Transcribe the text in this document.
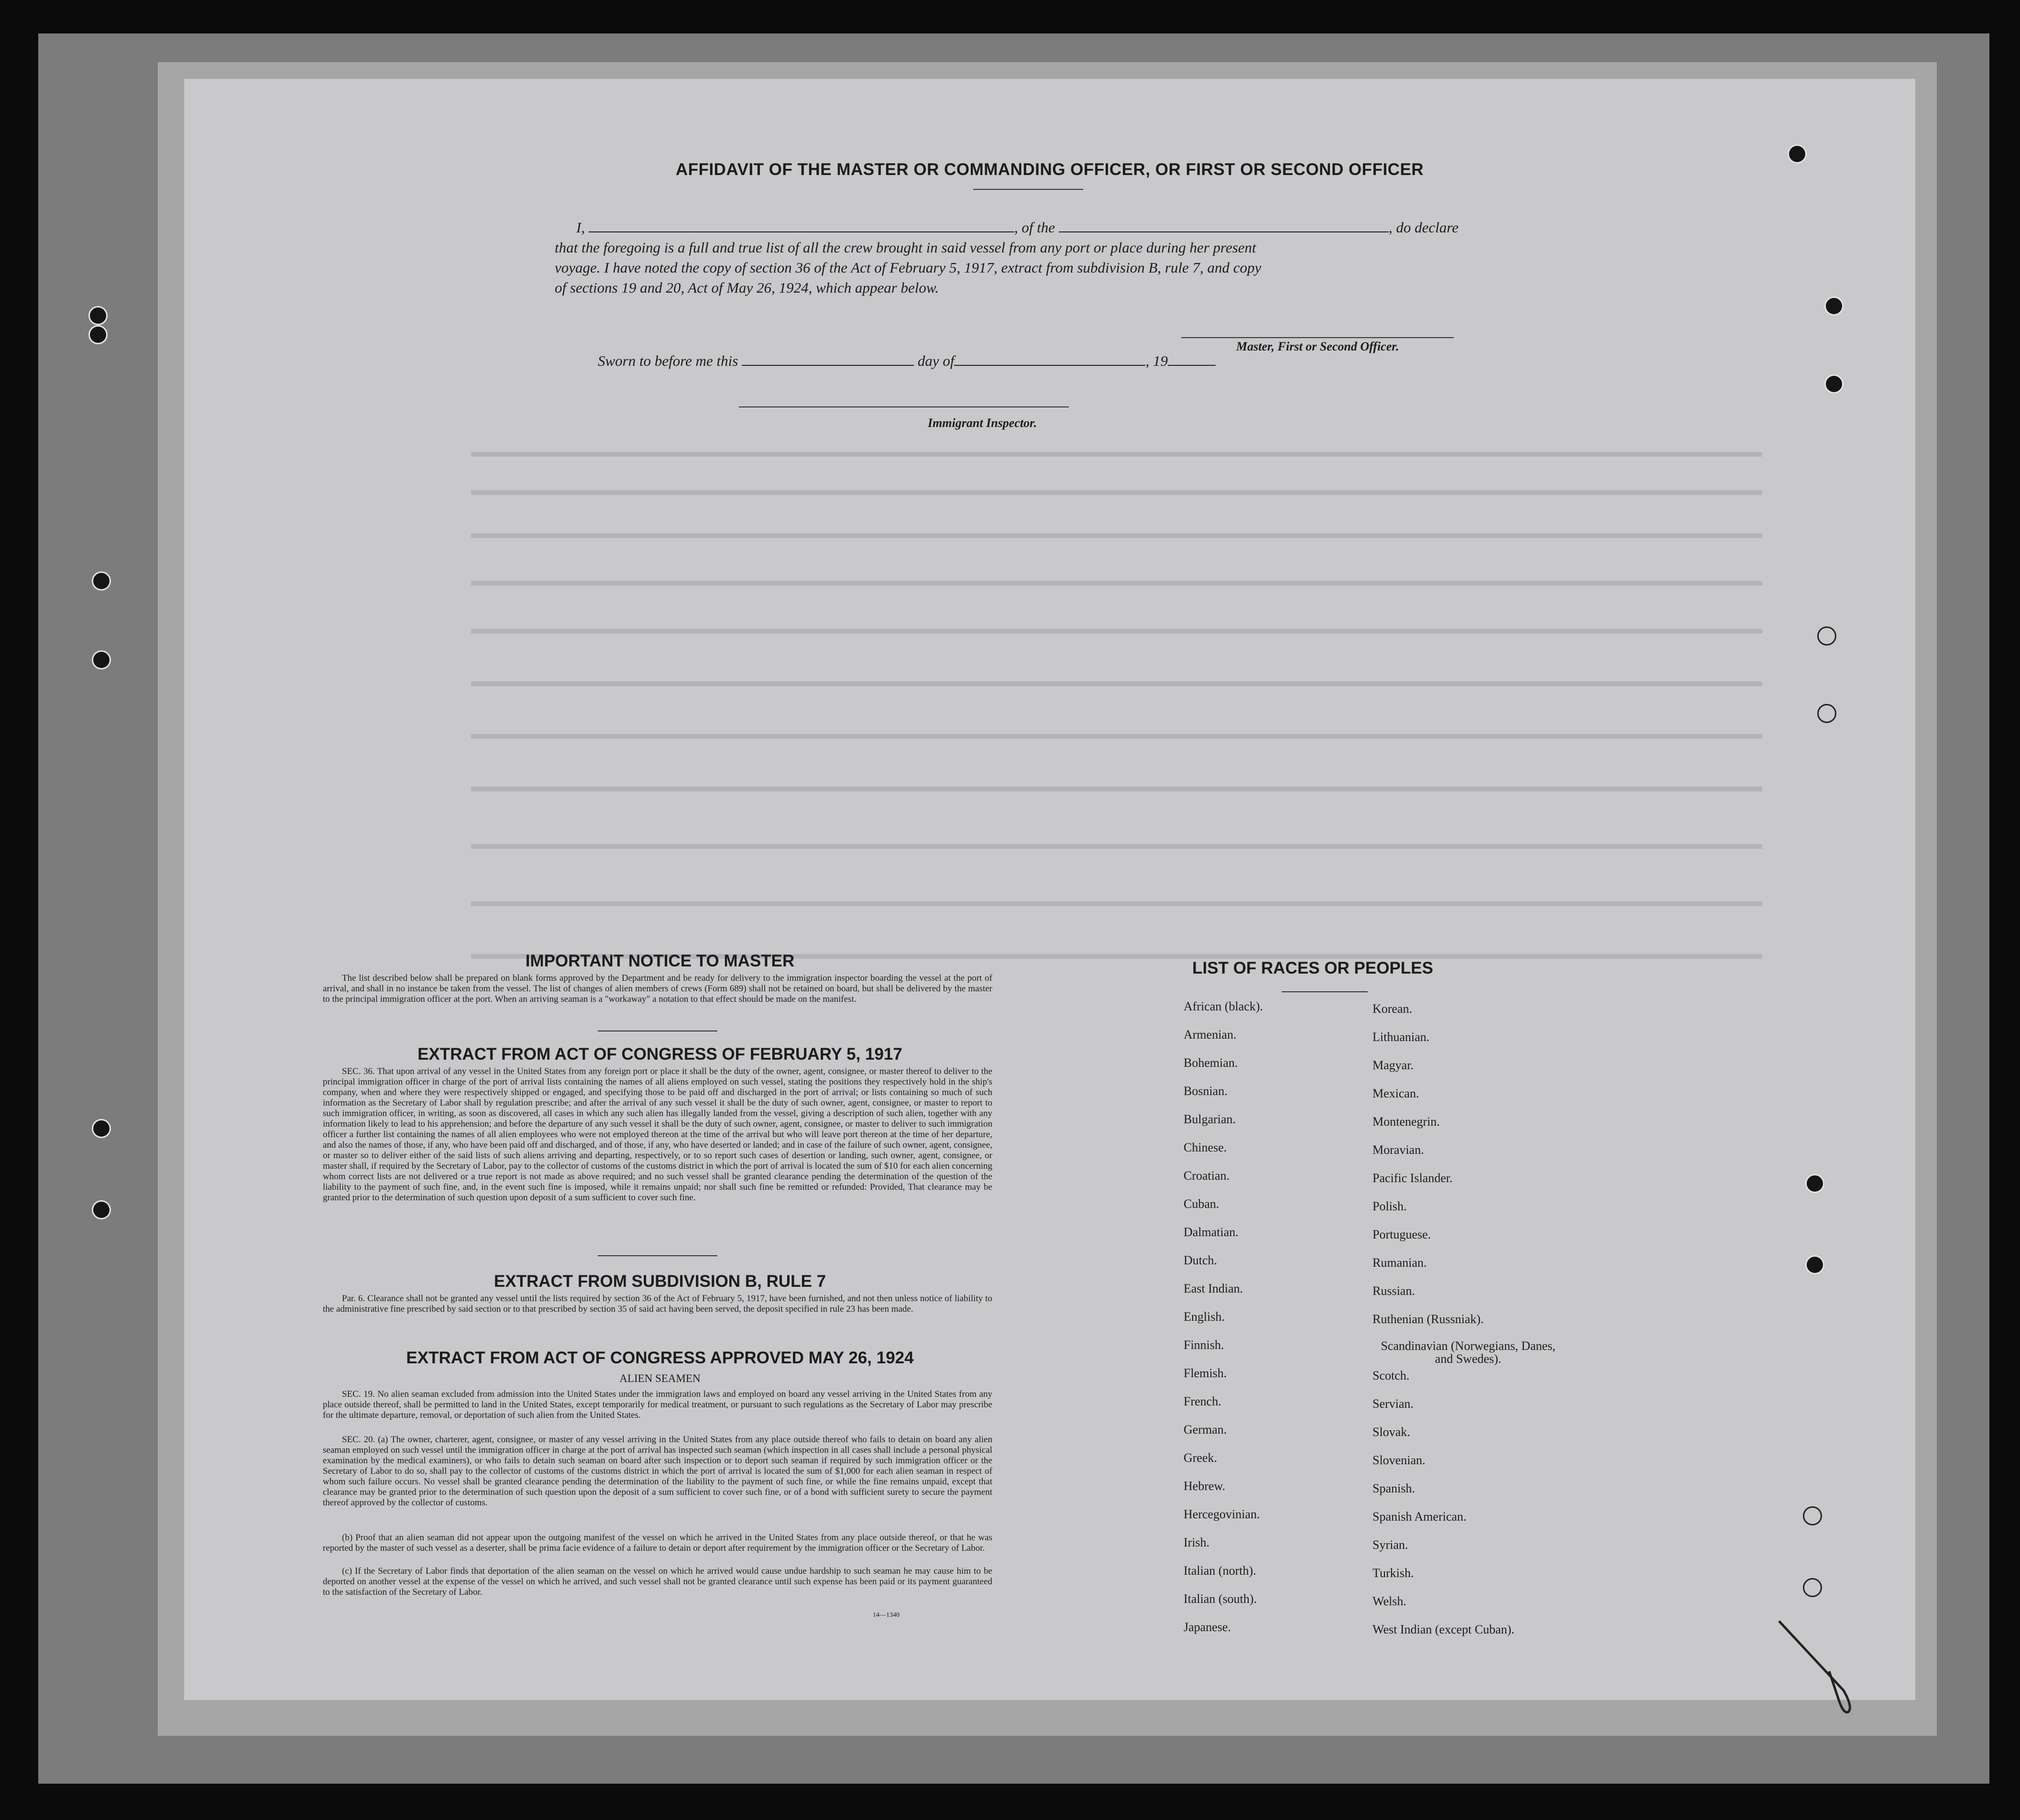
AFFIDAVIT OF THE MASTER OR COMMANDING OFFICER, OR FIRST OR SECOND OFFICER
I,	, of the	, do declare
that the foregoing is a full and true list of all the crew brought in said vessel from any port or place during her present
voyage. I have noted the copy of section 36 of the Act of February 5, 1917, extract from subdivision B, rule 7, and copy
of sections 19 and 20, Act of May 26, 1924, which appear below.
Master, First or Second Officer.
Sworn to before me this	day of	, 19
Immigrant Inspector.
IMPORTANT NOTICE TO MASTER
The list described below shall be prepared on blank forms approved by the Department and be ready for delivery to the immigration inspector boarding the vessel at the port of arrival, and shall in no instance be taken from the vessel. The list of changes of alien members of crews (Form 689) shall not be retained on board, but shall be delivered by the master to the principal immigration officer at the port. When an arriving seaman is a "workaway" a notation to that effect should be made on the manifest.
EXTRACT FROM ACT OF CONGRESS OF FEBRUARY 5, 1917
SEC. 36. That upon arrival of any vessel in the United States from any foreign port or place it shall be the duty of the owner, agent, consignee, or master thereof to deliver to the principal immigration officer in charge of the port of arrival lists containing the names of all aliens employed on such vessel, stating the positions they respectively hold in the ship's company, when and where they were respectively shipped or engaged, and specifying those to be paid off and discharged in the port of arrival; or lists containing so much of such information as the Secretary of Labor shall by regulation prescribe; and after the arrival of any such vessel it shall be the duty of such owner, agent, consignee, or master to report to such immigration officer, in writing, as soon as discovered, all cases in which any such alien has illegally landed from the vessel, giving a description of such alien, together with any information likely to lead to his apprehension; and before the departure of any such vessel it shall be the duty of such owner, agent, consignee, or master to deliver to such immigration officer a further list containing the names of all alien employees who were not employed thereon at the time of the arrival but who will leave port thereon at the time of her departure, and also the names of those, if any, who have been paid off and discharged, and of those, if any, who have deserted or landed; and in case of the failure of such owner, agent, consignee, or master so to deliver either of the said lists of such aliens arriving and departing, respectively, or to so report such cases of desertion or landing, such owner, agent, consignee, or master shall, if required by the Secretary of Labor, pay to the collector of customs of the customs district in which the port of arrival is located the sum of $10 for each alien concerning whom correct lists are not delivered or a true report is not made as above required; and no such vessel shall be granted clearance pending the determination of the question of the liability to the payment of such fine, and, in the event such fine is imposed, while it remains unpaid; nor shall such fine be remitted or refunded: Provided, That clearance may be granted prior to the determination of such question upon deposit of a sum sufficient to cover such fine.
EXTRACT FROM SUBDIVISION B, RULE 7
Par. 6. Clearance shall not be granted any vessel until the lists required by section 36 of the Act of February 5, 1917, have been furnished, and not then unless notice of liability to the administrative fine prescribed by said section or to that prescribed by section 35 of said act having been served, the deposit specified in rule 23 has been made.
EXTRACT FROM ACT OF CONGRESS APPROVED MAY 26, 1924
ALIEN SEAMEN
SEC. 19. No alien seaman excluded from admission into the United States under the immigration laws and employed on board any vessel arriving in the United States from any place outside thereof, shall be permitted to land in the United States, except temporarily for medical treatment, or pursuant to such regulations as the Secretary of Labor may prescribe for the ultimate departure, removal, or deportation of such alien from the United States.
SEC. 20. (a) The owner, charterer, agent, consignee, or master of any vessel arriving in the United States from any place outside thereof who fails to detain on board any alien seaman employed on such vessel until the immigration officer in charge at the port of arrival has inspected such seaman (which inspection in all cases shall include a personal physical examination by the medical examiners), or who fails to detain such seaman on board after such inspection or to deport such seaman if required by such immigration officer or the Secretary of Labor to do so, shall pay to the collector of customs of the customs district in which the port of arrival is located the sum of $1,000 for each alien seaman in respect of whom such failure occurs. No vessel shall be granted clearance pending the determination of the liability to the payment of such fine, or while the fine remains unpaid, except that clearance may be granted prior to the determination of such question upon the deposit of a sum sufficient to cover such fine, or of a bond with sufficient surety to secure the payment thereof approved by the collector of customs.
(b) Proof that an alien seaman did not appear upon the outgoing manifest of the vessel on which he arrived in the United States from any place outside thereof, or that he was reported by the master of such vessel as a deserter, shall be prima facie evidence of a failure to detain or deport after requirement by the immigration officer or the Secretary of Labor.
(c) If the Secretary of Labor finds that deportation of the alien seaman on the vessel on which he arrived would cause undue hardship to such seaman he may cause him to be deported on another vessel at the expense of the vessel on which he arrived, and such vessel shall not be granted clearance until such expense has been paid or its payment guaranteed to the satisfaction of the Secretary of Labor.
14—1340
LIST OF RACES OR PEOPLES
African (black).
Armenian.
Bohemian.
Bosnian.
Bulgarian.
Chinese.
Croatian.
Cuban.
Dalmatian.
Dutch.
East Indian.
English.
Finnish.
Flemish.
French.
German.
Greek.
Hebrew.
Hercegovinian.
Irish.
Italian (north).
Italian (south).
Japanese.
Korean.
Lithuanian.
Magyar.
Mexican.
Montenegrin.
Moravian.
Pacific Islander.
Polish.
Portuguese.
Rumanian.
Russian.
Ruthenian (Russniak).
Scandinavian (Norwegians, Danes, and Swedes).
Scotch.
Servian.
Slovak.
Slovenian.
Spanish.
Spanish American.
Syrian.
Turkish.
Welsh.
West Indian (except Cuban).
